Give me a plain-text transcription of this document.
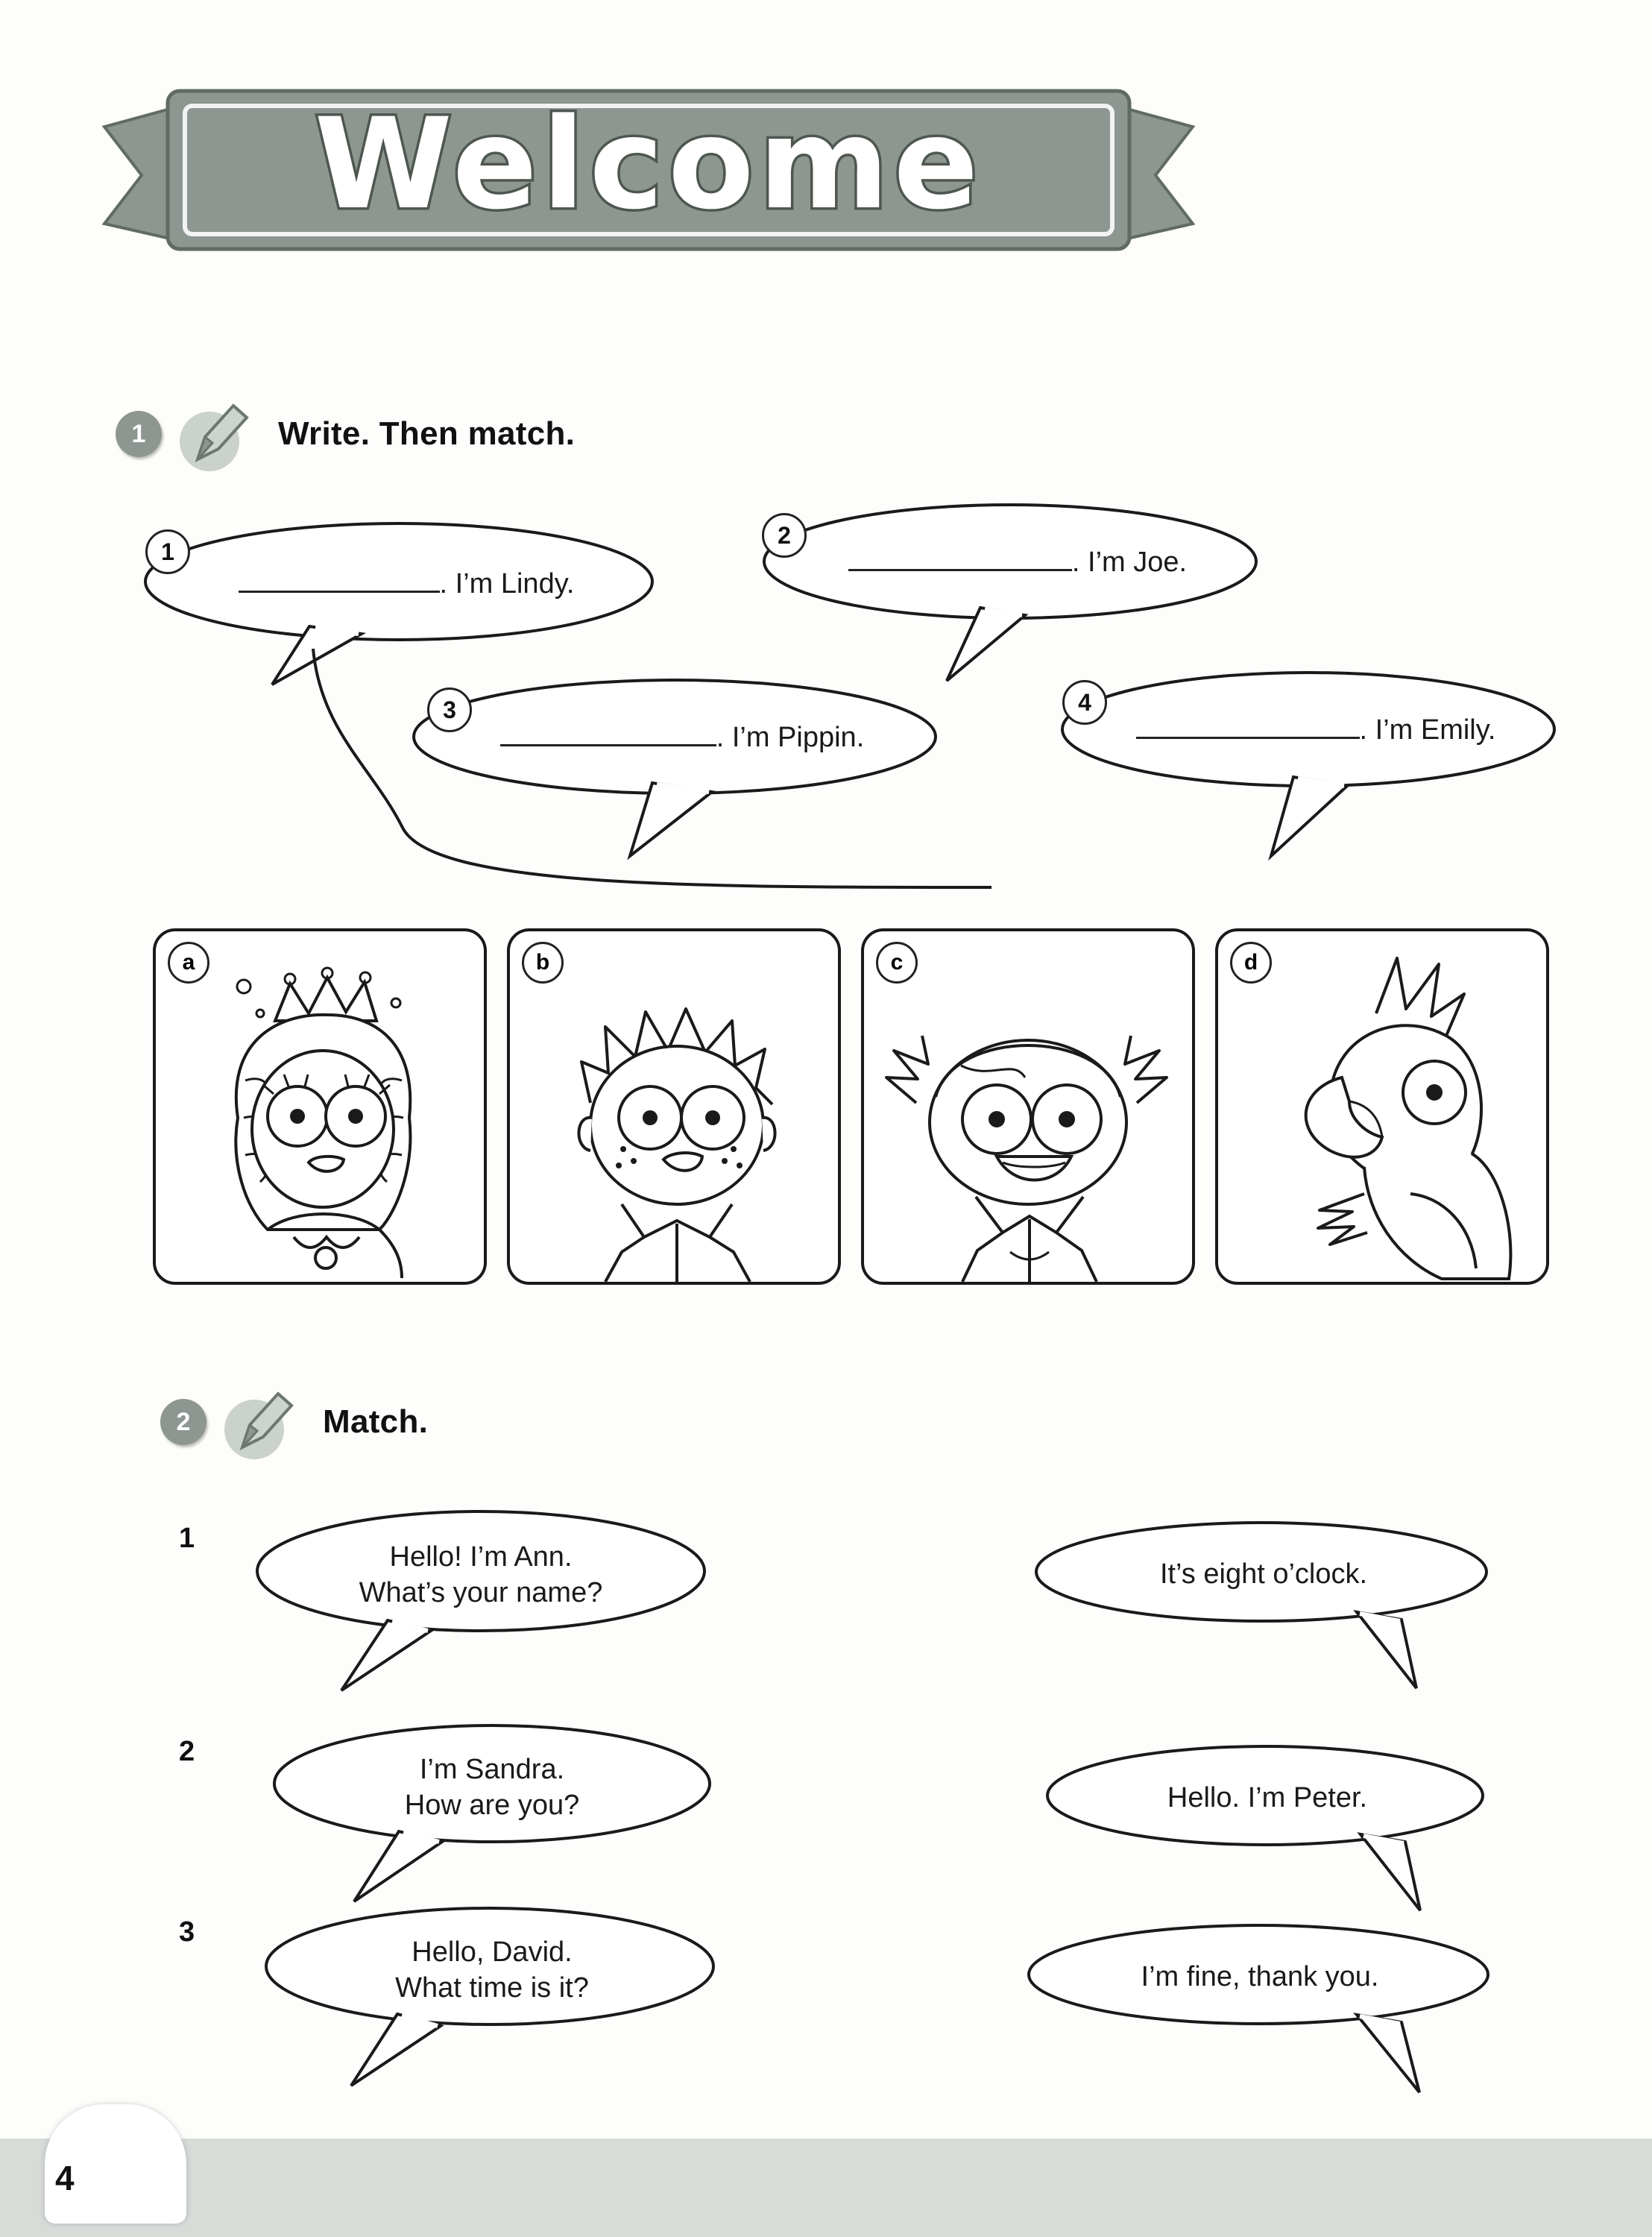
Welcome
1	Write. Then match.
. I’m Lindy.
1	. I’m Joe.
2
. I’m Pippin.
3
. I’m Emily.
4
a	b	c	d
2	Match.
1
Hello! I’m Ann.
What’s your name?
2
I’m Sandra.
How are you?
3
Hello, David.
What time is it?
It’s eight o’clock.
Hello. I’m Peter.
I’m fine, thank you.
4
